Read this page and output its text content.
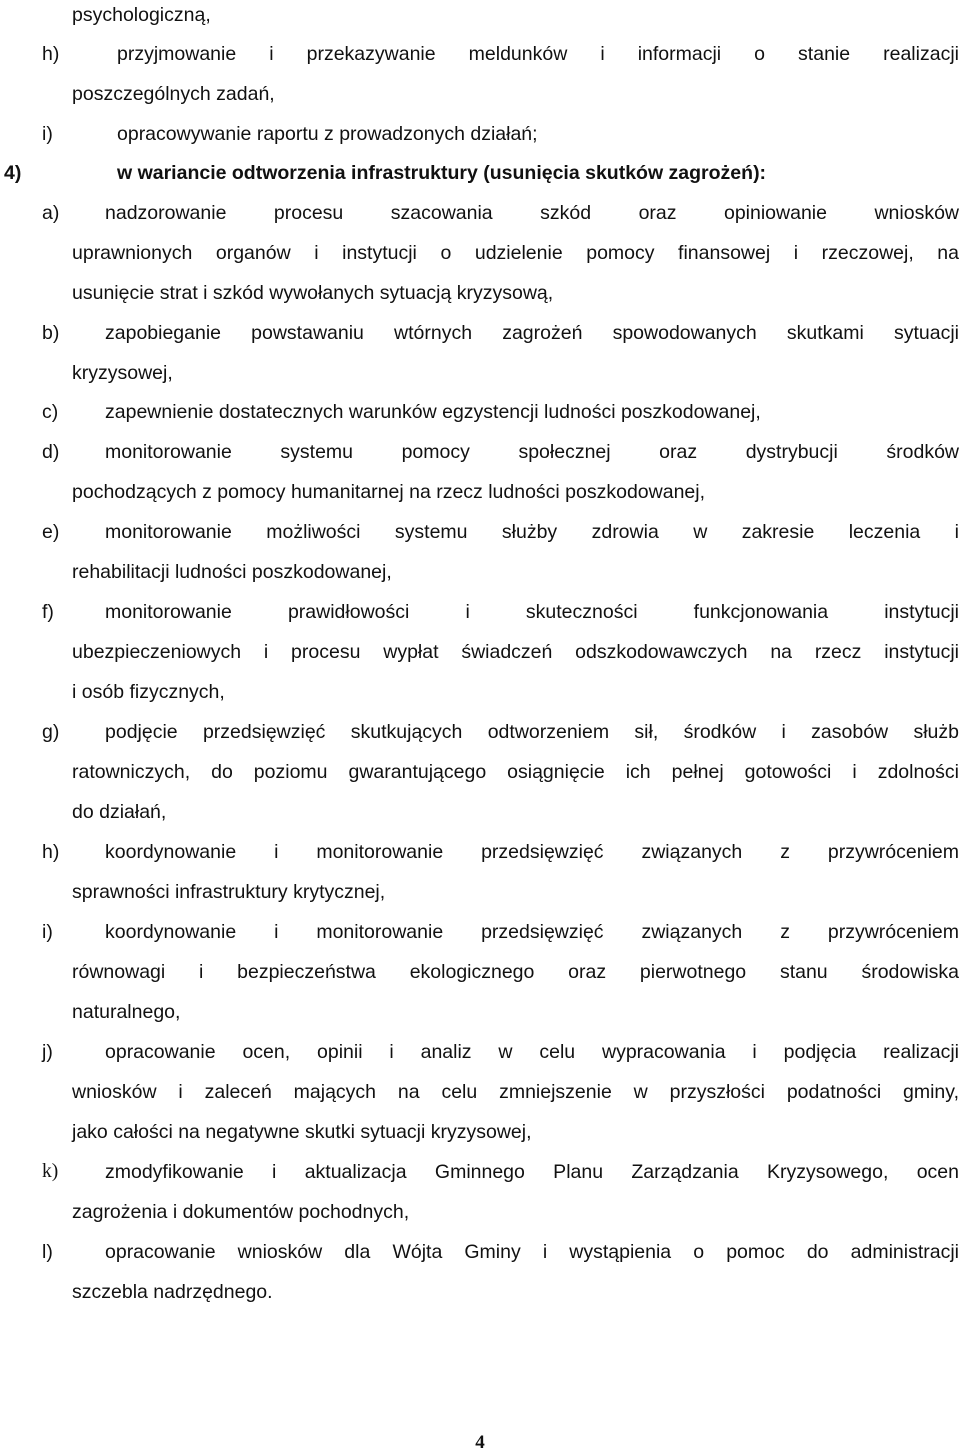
psychologiczną,
h)	przyjmowanie i przekazywanie meldunków i informacji o stanie realizacji
poszczególnych zadań,
i)	opracowywanie raportu z prowadzonych działań;
4)	w wariancie odtworzenia infrastruktury (usunięcia skutków zagrożeń):
a) nadzorowanie procesu szacowania szkód oraz opiniowanie wniosków
uprawnionych organów i instytucji o udzielenie pomocy finansowej i rzeczowej, na
usunięcie strat i szkód wywołanych sytuacją kryzysową,
b) zapobieganie powstawaniu wtórnych zagrożeń spowodowanych skutkami sytuacji
kryzysowej,
c) zapewnienie dostatecznych warunków egzystencji ludności poszkodowanej,
d) monitorowanie systemu pomocy społecznej oraz dystrybucji środków
pochodzących z pomocy humanitarnej na rzecz ludności poszkodowanej,
e) monitorowanie możliwości systemu służby zdrowia w zakresie leczenia i
rehabilitacji ludności poszkodowanej,
f)	monitorowanie prawidłowości i skuteczności funkcjonowania instytucji
ubezpieczeniowych i procesu wypłat świadczeń odszkodowawczych na rzecz instytucji
i osób fizycznych,
g) podjęcie przedsięwzięć skutkujących odtworzeniem sił, środków i zasobów służb
ratowniczych, do poziomu gwarantującego osiągnięcie ich pełnej gotowości i zdolności
do działań,
h) koordynowanie i monitorowanie przedsięwzięć związanych z przywróceniem
sprawności infrastruktury krytycznej,
i)	koordynowanie i monitorowanie przedsięwzięć związanych z przywróceniem
równowagi i bezpieczeństwa ekologicznego oraz pierwotnego stanu środowiska
naturalnego,
j)	opracowanie ocen, opinii i analiz w celu wypracowania i podjęcia realizacji
wniosków i zaleceń mających na celu zmniejszenie w przyszłości podatności gminy,
jako całości na negatywne skutki sytuacji kryzysowej,
k) zmodyfikowanie i aktualizacja Gminnego Planu Zarządzania Kryzysowego, ocen
zagrożenia i dokumentów pochodnych,
l)	opracowanie wniosków dla Wójta Gminy i wystąpienia o pomoc do administracji
szczebla nadrzędnego.
4
